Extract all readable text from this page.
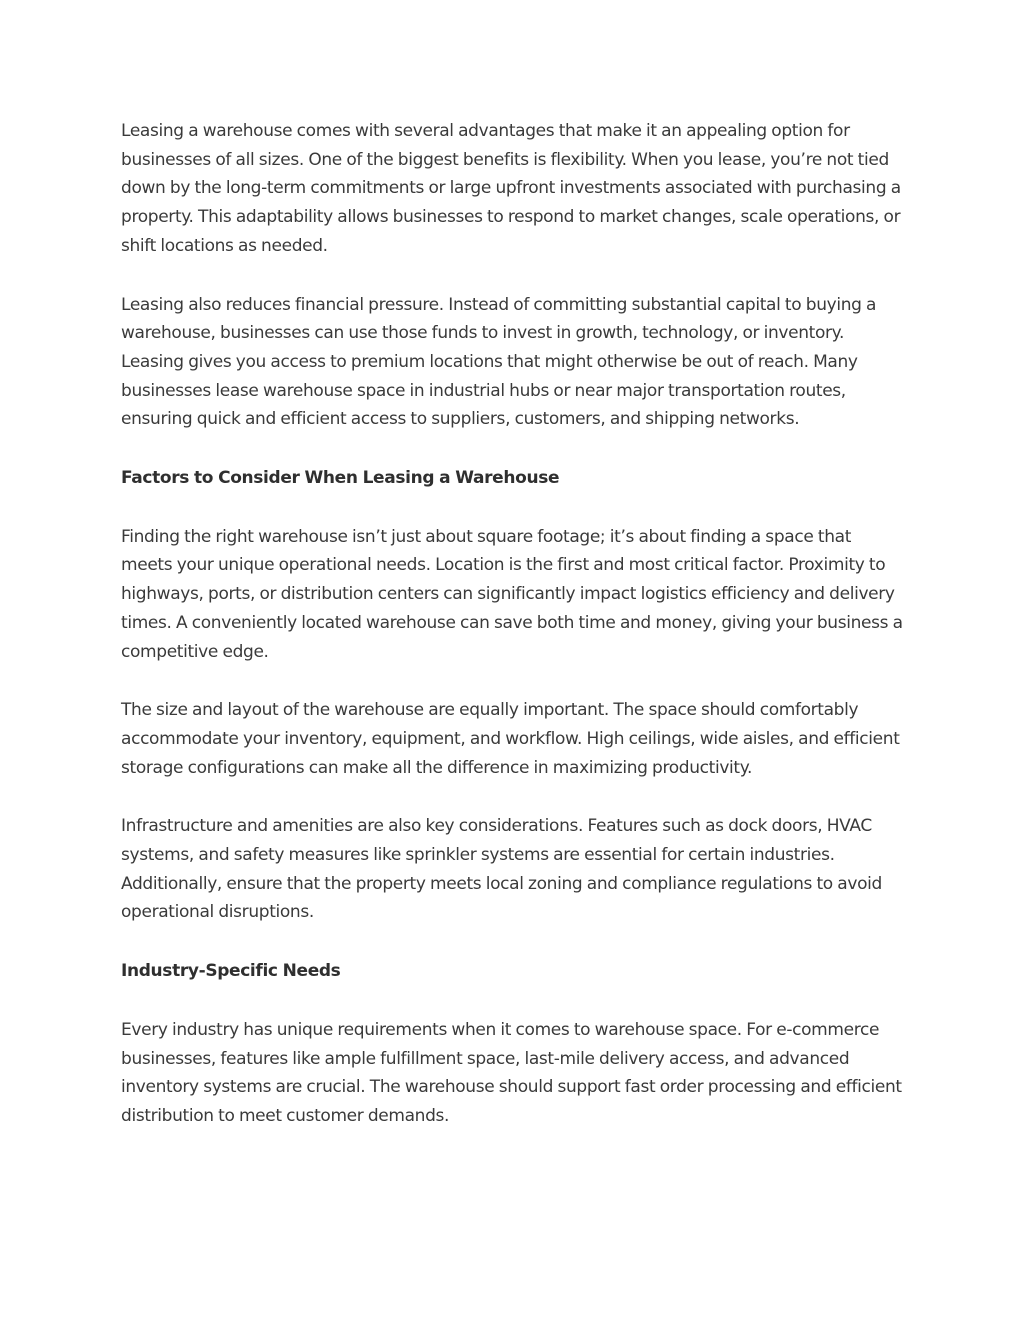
Leasing a warehouse comes with several advantages that make it an appealing option for businesses of all sizes. One of the biggest benefits is flexibility. When you lease, you’re not tied down by the long-term commitments or large upfront investments associated with purchasing a property. This adaptability allows businesses to respond to market changes, scale operations, or shift locations as needed.

Leasing also reduces financial pressure. Instead of committing substantial capital to buying a warehouse, businesses can use those funds to invest in growth, technology, or inventory. Leasing gives you access to premium locations that might otherwise be out of reach. Many businesses lease warehouse space in industrial hubs or near major transportation routes, ensuring quick and efficient access to suppliers, customers, and shipping networks.

Factors to Consider When Leasing a Warehouse

Finding the right warehouse isn’t just about square footage; it’s about finding a space that meets your unique operational needs. Location is the first and most critical factor. Proximity to highways, ports, or distribution centers can significantly impact logistics efficiency and delivery times. A conveniently located warehouse can save both time and money, giving your business a competitive edge.

The size and layout of the warehouse are equally important. The space should comfortably accommodate your inventory, equipment, and workflow. High ceilings, wide aisles, and efficient storage configurations can make all the difference in maximizing productivity.

Infrastructure and amenities are also key considerations. Features such as dock doors, HVAC systems, and safety measures like sprinkler systems are essential for certain industries. Additionally, ensure that the property meets local zoning and compliance regulations to avoid operational disruptions.

Industry-Specific Needs

Every industry has unique requirements when it comes to warehouse space. For e-commerce businesses, features like ample fulfillment space, last-mile delivery access, and advanced inventory systems are crucial. The warehouse should support fast order processing and efficient distribution to meet customer demands.
